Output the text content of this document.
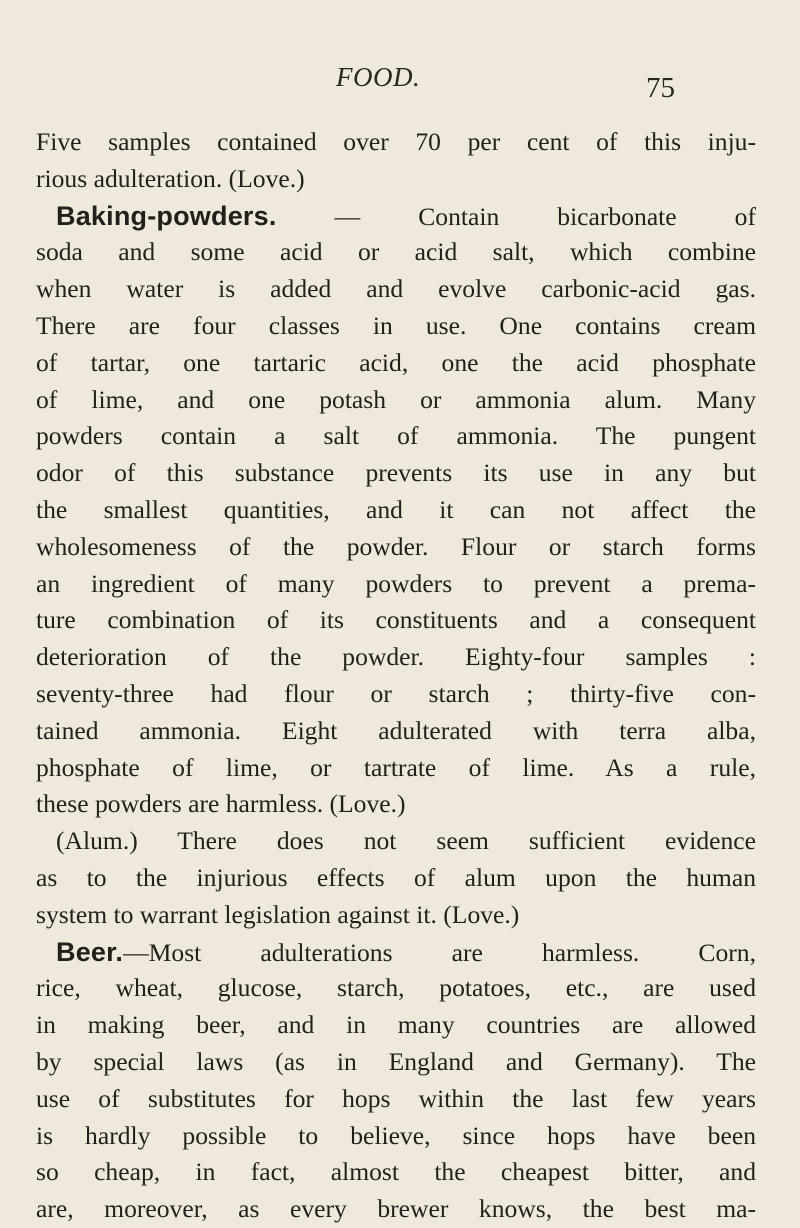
FOOD.	75
Five samples contained over 70 per cent of this inju-
rious adulteration. (Love.)
Baking-powders. — Contain bicarbonate of
soda and some acid or acid salt, which combine
when water is added and evolve carbonic-acid gas.
There are four classes in use. One contains cream
of tartar, one tartaric acid, one the acid phosphate
of lime, and one potash or ammonia alum. Many
powders contain a salt of ammonia. The pungent
odor of this substance prevents its use in any but
the smallest quantities, and it can not affect the
wholesomeness of the powder. Flour or starch forms
an ingredient of many powders to prevent a prema-
ture combination of its constituents and a consequent
deterioration of the powder. Eighty-four samples :
seventy-three had flour or starch ; thirty-five con-
tained ammonia. Eight adulterated with terra alba,
phosphate of lime, or tartrate of lime. As a rule,
these powders are harmless. (Love.)
(Alum.) There does not seem sufficient evidence
as to the injurious effects of alum upon the human
system to warrant legislation against it. (Love.)
Beer.—Most adulterations are harmless. Corn,
rice, wheat, glucose, starch, potatoes, etc., are used
in making beer, and in many countries are allowed
by special laws (as in England and Germany). The
use of substitutes for hops within the last few years
is hardly possible to believe, since hops have been
so cheap, in fact, almost the cheapest bitter, and
are, moreover, as every brewer knows, the best ma-
